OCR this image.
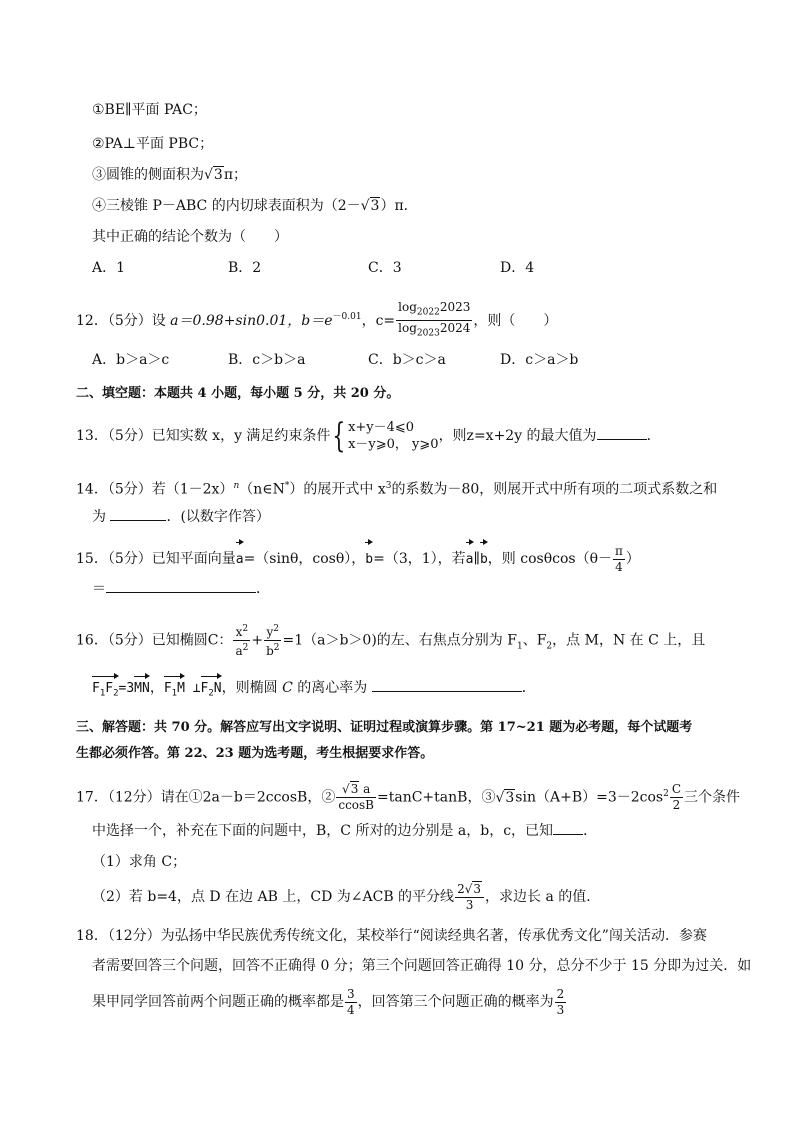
①BE∥平面 PAC；
②PA⊥平面 PBC；
③圆锥的侧面积为√3π；
④三棱锥 P－ABC 的内切球表面积为（2－√3）π．
其中正确的结论个数为（　　）
A．1	B．2	C．3	D．4
12．（5分）设 a＝0.98+sin0.01，$b=e^{-0.01}$，$c= \frac{\log_{2022}2023}{\log_{2023}2024}$ ，则（　　）
A．b＞a＞c	B．c＞b＞a	C．b＞c＞a	D．c＞a＞b
二、填空题：本题共 4 小题，每小题 5 分，共 20 分。
13．（5分）已知实数 x，y 满足约束条件{ x+y－4⩽0
x－y⩾0， y⩾0
，则z=x+2y 的最大值为	．
14．（5分）若$(1-2x)^n(n\in N^*)$的展开式中 $x^3$的系数为－80，则展开式中所有项的二项式系数之和
为	．(以数字作答）
15．（5分）已知平面向量a=（sinθ，cosθ），b=（3，1），若a∥b，则 $\cos\theta\cos(\theta- \frac{\pi}{4}$ ）
＝	．
16．（5分）已知椭圆C： $\frac{x^2}{a^2} + \frac{y^2}{b^2} =1(a>b>0)$的左、右焦点分别为 $F_1$、$F_2$，点 M，N 在 C 上，且
$F_1F_2=3MN$，$F_1M$ $\perp F_2N$，则椭圆 C 的离心率为	．
三、解答题：共 70 分。解答应写出文字说明、证明过程或演算步骤。第 17~21 题为必考题，每个试题考
生都必须作答。第 22、23 题为选考题，考生根据要求作答。
17．（12分）请在①2a－b＝2ccosB，② $\frac{√3 a}{ccosB} =\tan C+\tan B$，$③√3\sin(A+B)=3-2\cos^2 \frac{C}{2}$ 三个条件
中选择一个，补充在下面的问题中，B，C 所对的边分别是 a，b，c，已知 ．
（1）求角 C；
（2）若 b=4，点 D 在边 AB 上，CD 为∠ACB 的平分线 $\frac{2√3}{3}$ ，求边长 a 的值．
18．（12分）为弘扬中华民族优秀传统文化，某校举行“阅读经典名著，传承优秀文化”闯关活动．参赛
者需要回答三个问题，回答不正确得 0 分；第三个问题回答正确得 10 分，总分不少于 15 分即为过关．如
果甲同学回答前两个问题正确的概率都是 $\frac{3}{4}$ ，回答第三个问题正确的概率为 $\frac{2}{3}$
